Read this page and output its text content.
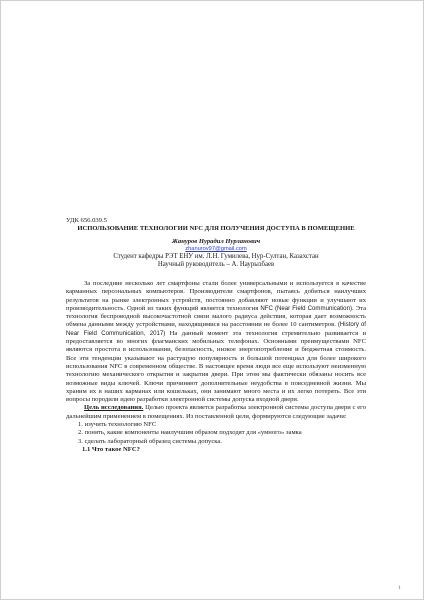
УДК 656.039.5

ИСПОЛЬЗОВАНИЕ ТЕХНОЛОГИИ NFC ДЛЯ ПОЛУЧЕНИЯ ДОСТУПА В ПОМЕЩЕНИЕ

Жануров Нурадил Нурланович

zhanurov97@gmail.com

Студент кафедры РЭТ ЕНУ им. Л.Н. Гумилева, Нур-Султан, Казахстан

Научный руководитель – А. Наурызбаев

За последние несколько лет смартфоны стали более универсальными и используется в качестве карманных персональных компьютеров. Производители смартфонов, пытаясь добиться наилучших результатов на рынке электронных устройств, постоянно добавляют новые функции и улучшают их производительность. Одной из таких функций является технология NFC (Near Field Communication). Эта технология беспроводной высокочастотной связи малого радиуса действия, которая дает возможность обмена данными между устройствами, находящимися на расстоянии не более 10 сантиметров. (History of Near Field Communication, 2017) На данный момент эта технология стремительно развивается и предоставляется во многих флагманских мобильных телефонах. Основными преимуществами NFC являются простота в использовании, безопасность, низкое энергопотребление и бюджетная стоимость. Все эти тенденции указывают на растущую популярность и большой потенциал для более широкого использования NFC в современном обществе. В настоящее время люди все еще используют неизменную технологию механического открытия и закрытия двери. При этом мы фактически обязаны носить все возможные виды ключей. Ключи причиняют дополнительные неудобства в повседневной жизни. Мы храним их в наших карманах или кошельках, они занимают много места и их легко потерять. Все эти вопросы породили идею разработки электронной системы допуска входной двери.

Цель исследования. Целью проекта является разработка электронной системы доступа двери с его дальнейшим применением в помещениях. Из поставленной цели, формируются следующие задачи:

1. изучить технологию NFC
2. понять, какие компоненты наилучшим образом подходят для «умного» замка
3. сделать лабораторный образец системы допуска.

1.1 Что такое NFC?

1
